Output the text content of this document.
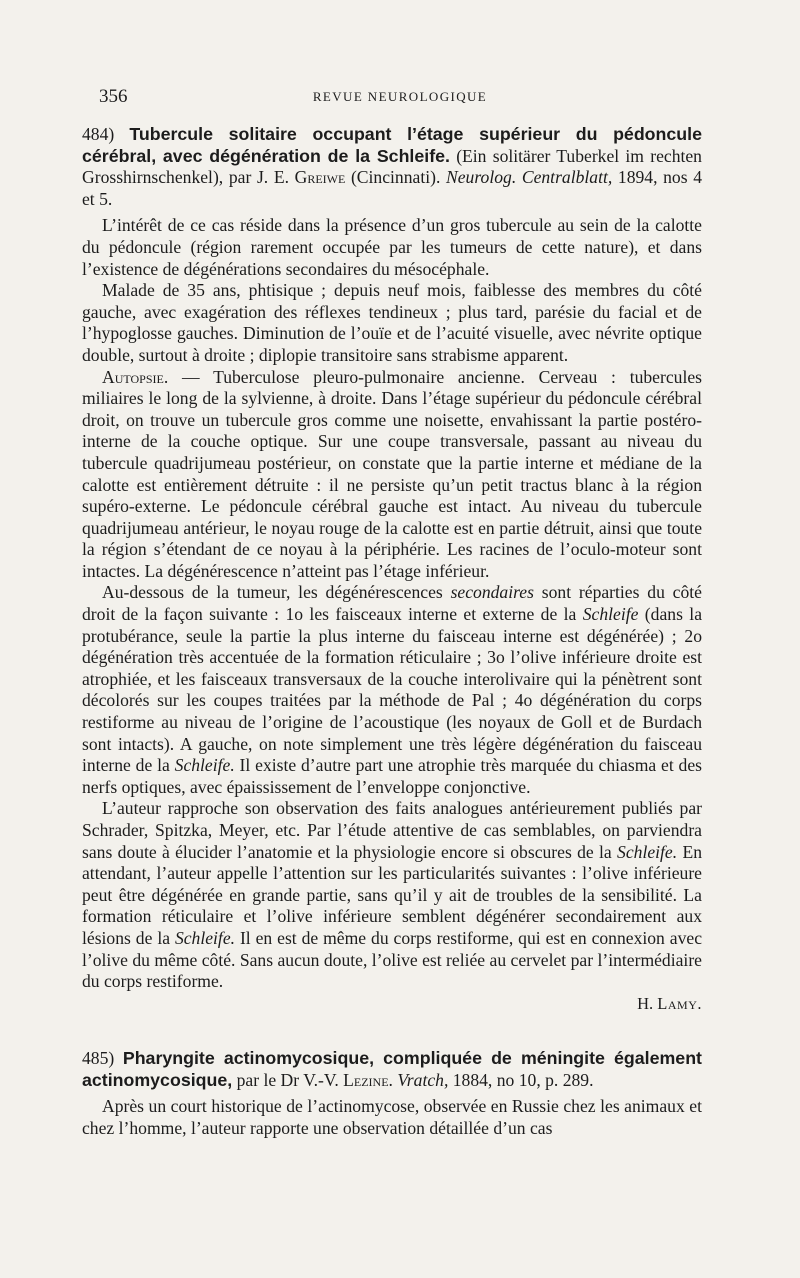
356	REVUE NEUROLOGIQUE

484) Tubercule solitaire occupant l’étage supérieur du pédoncule cérébral, avec dégénération de la Schleife. (Ein solitärer Tuberkel im rechten Grosshirnschenkel), par J. E. Greiwe (Cincinnati). Neurolog. Centralblatt, 1894, nos 4 et 5.

L’intérêt de ce cas réside dans la présence d’un gros tubercule au sein de la calotte du pédoncule (région rarement occupée par les tumeurs de cette nature), et dans l’existence de dégénérations secondaires du mésocéphale.

Malade de 35 ans, phtisique ; depuis neuf mois, faiblesse des membres du côté gauche, avec exagération des réflexes tendineux ; plus tard, parésie du facial et de l’hypoglosse gauches. Diminution de l’ouïe et de l’acuité visuelle, avec névrite optique double, surtout à droite ; diplopie transitoire sans strabisme apparent.

Autopsie. — Tuberculose pleuro-pulmonaire ancienne. Cerveau : tubercules miliaires le long de la sylvienne, à droite. Dans l’étage supérieur du pédoncule cérébral droit, on trouve un tubercule gros comme une noisette, envahissant la partie postéro-interne de la couche optique. Sur une coupe transversale, passant au niveau du tubercule quadrijumeau postérieur, on constate que la partie interne et médiane de la calotte est entièrement détruite : il ne persiste qu’un petit tractus blanc à la région supéro-externe. Le pédoncule cérébral gauche est intact. Au niveau du tubercule quadrijumeau antérieur, le noyau rouge de la calotte est en partie détruit, ainsi que toute la région s’étendant de ce noyau à la périphérie. Les racines de l’oculo-moteur sont intactes. La dégénérescence n’atteint pas l’étage inférieur.

Au-dessous de la tumeur, les dégénérescences secondaires sont réparties du côté droit de la façon suivante : 1o les faisceaux interne et externe de la Schleife (dans la protubérance, seule la partie la plus interne du faisceau interne est dégénérée) ; 2o dégénération très accentuée de la formation réticulaire ; 3o l’olive inférieure droite est atrophiée, et les faisceaux transversaux de la couche interolivaire qui la pénètrent sont décolorés sur les coupes traitées par la méthode de Pal ; 4o dégénération du corps restiforme au niveau de l’origine de l’acoustique (les noyaux de Goll et de Burdach sont intacts). A gauche, on note simplement une très légère dégénération du faisceau interne de la Schleife. Il existe d’autre part une atrophie très marquée du chiasma et des nerfs optiques, avec épaississement de l’enveloppe conjonctive.

L’auteur rapproche son observation des faits analogues antérieurement publiés par Schrader, Spitzka, Meyer, etc. Par l’étude attentive de cas semblables, on parviendra sans doute à élucider l’anatomie et la physiologie encore si obscures de la Schleife. En attendant, l’auteur appelle l’attention sur les particularités suivantes : l’olive inférieure peut être dégénérée en grande partie, sans qu’il y ait de troubles de la sensibilité. La formation réticulaire et l’olive inférieure semblent dégénérer secondairement aux lésions de la Schleife. Il en est de même du corps restiforme, qui est en connexion avec l’olive du même côté. Sans aucun doute, l’olive est reliée au cervelet par l’intermédiaire du corps restiforme.

H. Lamy.

485) Pharyngite actinomycosique, compliquée de méningite également actinomycosique, par le Dr V.-V. Lezine. Vratch, 1884, no 10, p. 289.

Après un court historique de l’actinomycose, observée en Russie chez les animaux et chez l’homme, l’auteur rapporte une observation détaillée d’un cas
